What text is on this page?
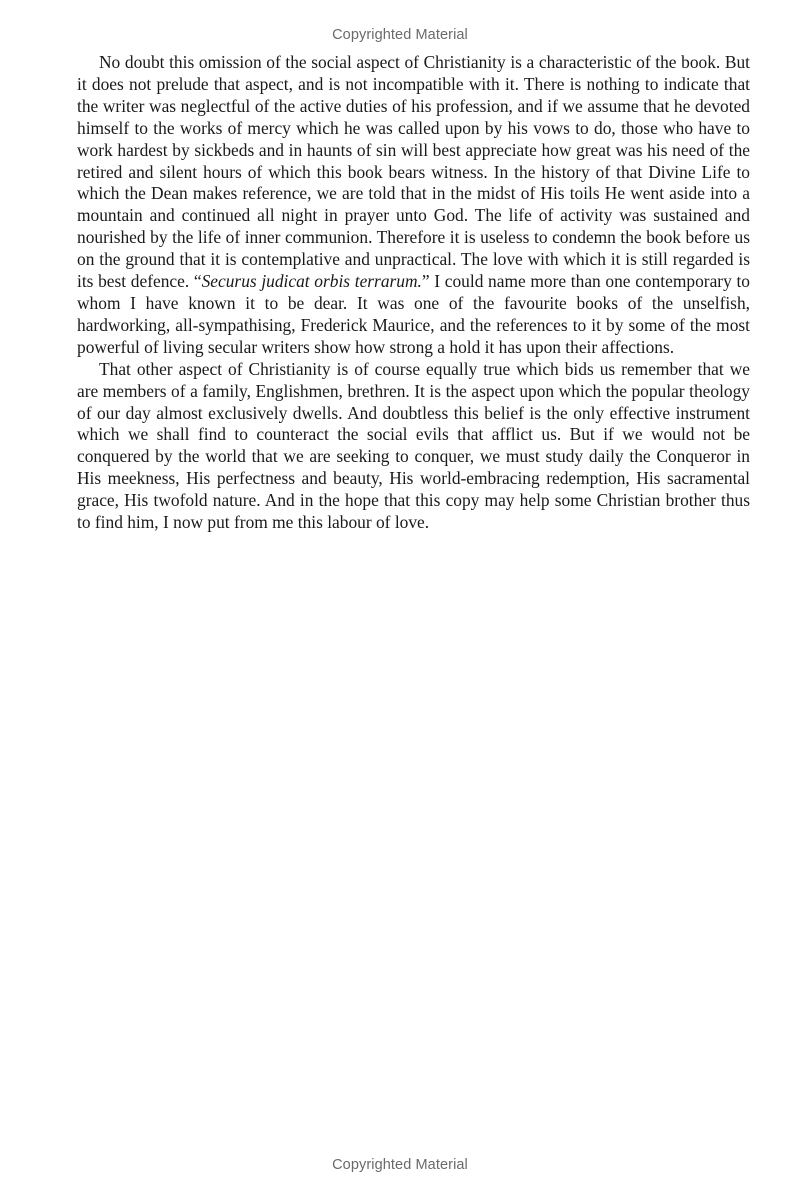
Copyrighted Material

No doubt this omission of the social aspect of Christianity is a characteristic of the book. But it does not prelude that aspect, and is not incompatible with it. There is nothing to indicate that the writer was neglectful of the active duties of his profession, and if we assume that he devoted himself to the works of mercy which he was called upon by his vows to do, those who have to work hardest by sickbeds and in haunts of sin will best appreciate how great was his need of the retired and silent hours of which this book bears witness. In the history of that Divine Life to which the Dean makes reference, we are told that in the midst of His toils He went aside into a mountain and continued all night in prayer unto God. The life of activity was sustained and nourished by the life of inner communion. Therefore it is useless to condemn the book before us on the ground that it is contemplative and unpractical. The love with which it is still regarded is its best defence. “Securus judicat orbis terrarum.” I could name more than one contemporary to whom I have known it to be dear. It was one of the favourite books of the unselfish, hardworking, all-sympathising, Frederick Maurice, and the references to it by some of the most powerful of living secular writers show how strong a hold it has upon their affections.

That other aspect of Christianity is of course equally true which bids us remember that we are members of a family, Englishmen, brethren. It is the aspect upon which the popular theology of our day almost exclusively dwells. And doubtless this belief is the only effective instrument which we shall find to counteract the social evils that afflict us. But if we would not be conquered by the world that we are seeking to conquer, we must study daily the Conqueror in His meekness, His perfectness and beauty, His world-embracing redemption, His sacramental grace, His twofold nature. And in the hope that this copy may help some Christian brother thus to find him, I now put from me this labour of love.

Copyrighted Material
